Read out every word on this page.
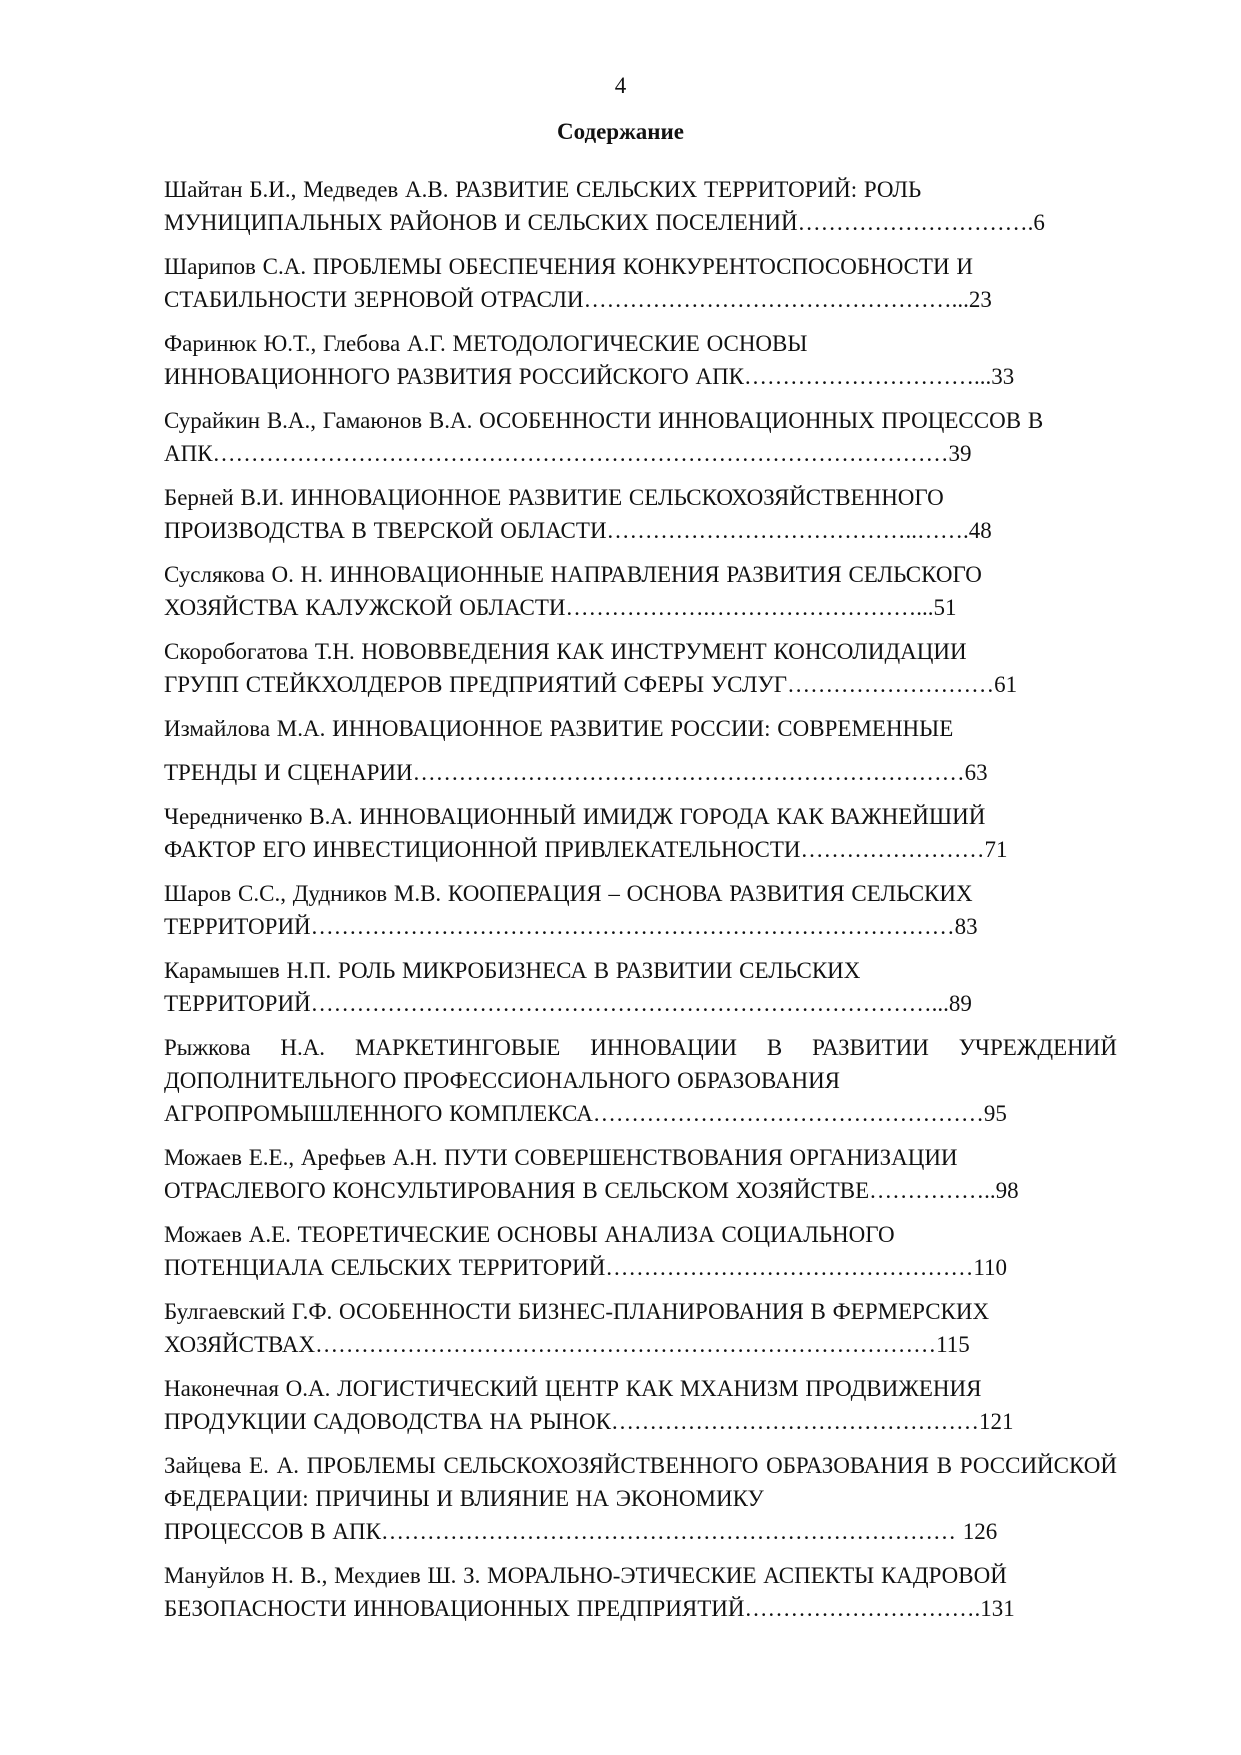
4
Содержание

Шайтан Б.И., Медведев А.В. РАЗВИТИЕ СЕЛЬСКИХ ТЕРРИТОРИЙ: РОЛЬ
МУНИЦИПАЛЬНЫХ РАЙОНОВ И СЕЛЬСКИХ ПОСЕЛЕНИЙ………………………….6

Шарипов С.А. ПРОБЛЕМЫ ОБЕСПЕЧЕНИЯ КОНКУРЕНТОСПОСОБНОСТИ И
СТАБИЛЬНОСТИ ЗЕРНОВОЙ ОТРАСЛИ…………………………………………...23

Фаринюк Ю.Т., Глебова А.Г. МЕТОДОЛОГИЧЕСКИЕ ОСНОВЫ
ИННОВАЦИОННОГО РАЗВИТИЯ РОССИЙСКОГО АПК…………………………...33

Сурайкин В.А., Гамаюнов В.А. ОСОБЕННОСТИ ИННОВАЦИОННЫХ ПРОЦЕССОВ В
АПК……………………………………………………………………………………39

Берней В.И. ИННОВАЦИОННОЕ РАЗВИТИЕ СЕЛЬСКОХОЗЯЙСТВЕННОГО
ПРОИЗВОДСТВА В ТВЕРСКОЙ ОБЛАСТИ…………………………………..…….48

Суслякова О. Н. ИННОВАЦИОННЫЕ НАПРАВЛЕНИЯ РАЗВИТИЯ СЕЛЬСКОГО
ХОЗЯЙСТВА КАЛУЖСКОЙ ОБЛАСТИ……………….………………………...51

Скоробогатова Т.Н. НОВОВВЕДЕНИЯ КАК ИНСТРУМЕНТ КОНСОЛИДАЦИИ
ГРУПП СТЕЙКХОЛДЕРОВ ПРЕДПРИЯТИЙ СФЕРЫ УСЛУГ………………………61

Измайлова М.А. ИННОВАЦИОННОЕ РАЗВИТИЕ РОССИИ: СОВРЕМЕННЫЕ
ТРЕНДЫ И СЦЕНАРИИ………………………………………………………………63

Чередниченко В.А. ИННОВАЦИОННЫЙ ИМИДЖ ГОРОДА КАК ВАЖНЕЙШИЙ
ФАКТОР ЕГО ИНВЕСТИЦИОННОЙ ПРИВЛЕКАТЕЛЬНОСТИ……………………71

Шаров С.С., Дудников М.В. КООПЕРАЦИЯ – ОСНОВА РАЗВИТИЯ СЕЛЬСКИХ
ТЕРРИТОРИЙ…………………………………………………………………………83

Карамышев Н.П. РОЛЬ МИКРОБИЗНЕСА В РАЗВИТИИ СЕЛЬСКИХ
ТЕРРИТОРИЙ………………………………………………………………………...89

Рыжкова Н.А. МАРКЕТИНГОВЫЕ ИННОВАЦИИ В РАЗВИТИИ УЧРЕЖДЕНИЙ ДОПОЛНИТЕЛЬНОГО ПРОФЕССИОНАЛЬНОГО ОБРАЗОВАНИЯ
АГРОПРОМЫШЛЕННОГО КОМПЛЕКСА……………………………………………95

Можаев Е.Е., Арефьев А.Н. ПУТИ СОВЕРШЕНСТВОВАНИЯ ОРГАНИЗАЦИИ
ОТРАСЛЕВОГО КОНСУЛЬТИРОВАНИЯ В СЕЛЬСКОМ ХОЗЯЙСТВЕ……………..98

Можаев А.Е. ТЕОРЕТИЧЕСКИЕ ОСНОВЫ АНАЛИЗА СОЦИАЛЬНОГО
ПОТЕНЦИАЛА СЕЛЬСКИХ ТЕРРИТОРИЙ…………………………………………110

Булгаевский Г.Ф. ОСОБЕННОСТИ БИЗНЕС-ПЛАНИРОВАНИЯ В ФЕРМЕРСКИХ
ХОЗЯЙСТВАХ………………………………………………………………………115

Наконечная О.А. ЛОГИСТИЧЕСКИЙ ЦЕНТР КАК МХАНИЗМ ПРОДВИЖЕНИЯ
ПРОДУКЦИИ САДОВОДСТВА НА РЫНОК…………………………………………121

Зайцева Е. А. ПРОБЛЕМЫ СЕЛЬСКОХОЗЯЙСТВЕННОГО ОБРАЗОВАНИЯ В РОССИЙСКОЙ ФЕДЕРАЦИИ: ПРИЧИНЫ И ВЛИЯНИЕ НА ЭКОНОМИКУ
ПРОЦЕССОВ В АПК………………………………………………………………… 126

Мануйлов Н. В., Мехдиев Ш. З. МОРАЛЬНО-ЭТИЧЕСКИЕ АСПЕКТЫ КАДРОВОЙ
БЕЗОПАСНОСТИ ИННОВАЦИОННЫХ ПРЕДПРИЯТИЙ………………………….131
